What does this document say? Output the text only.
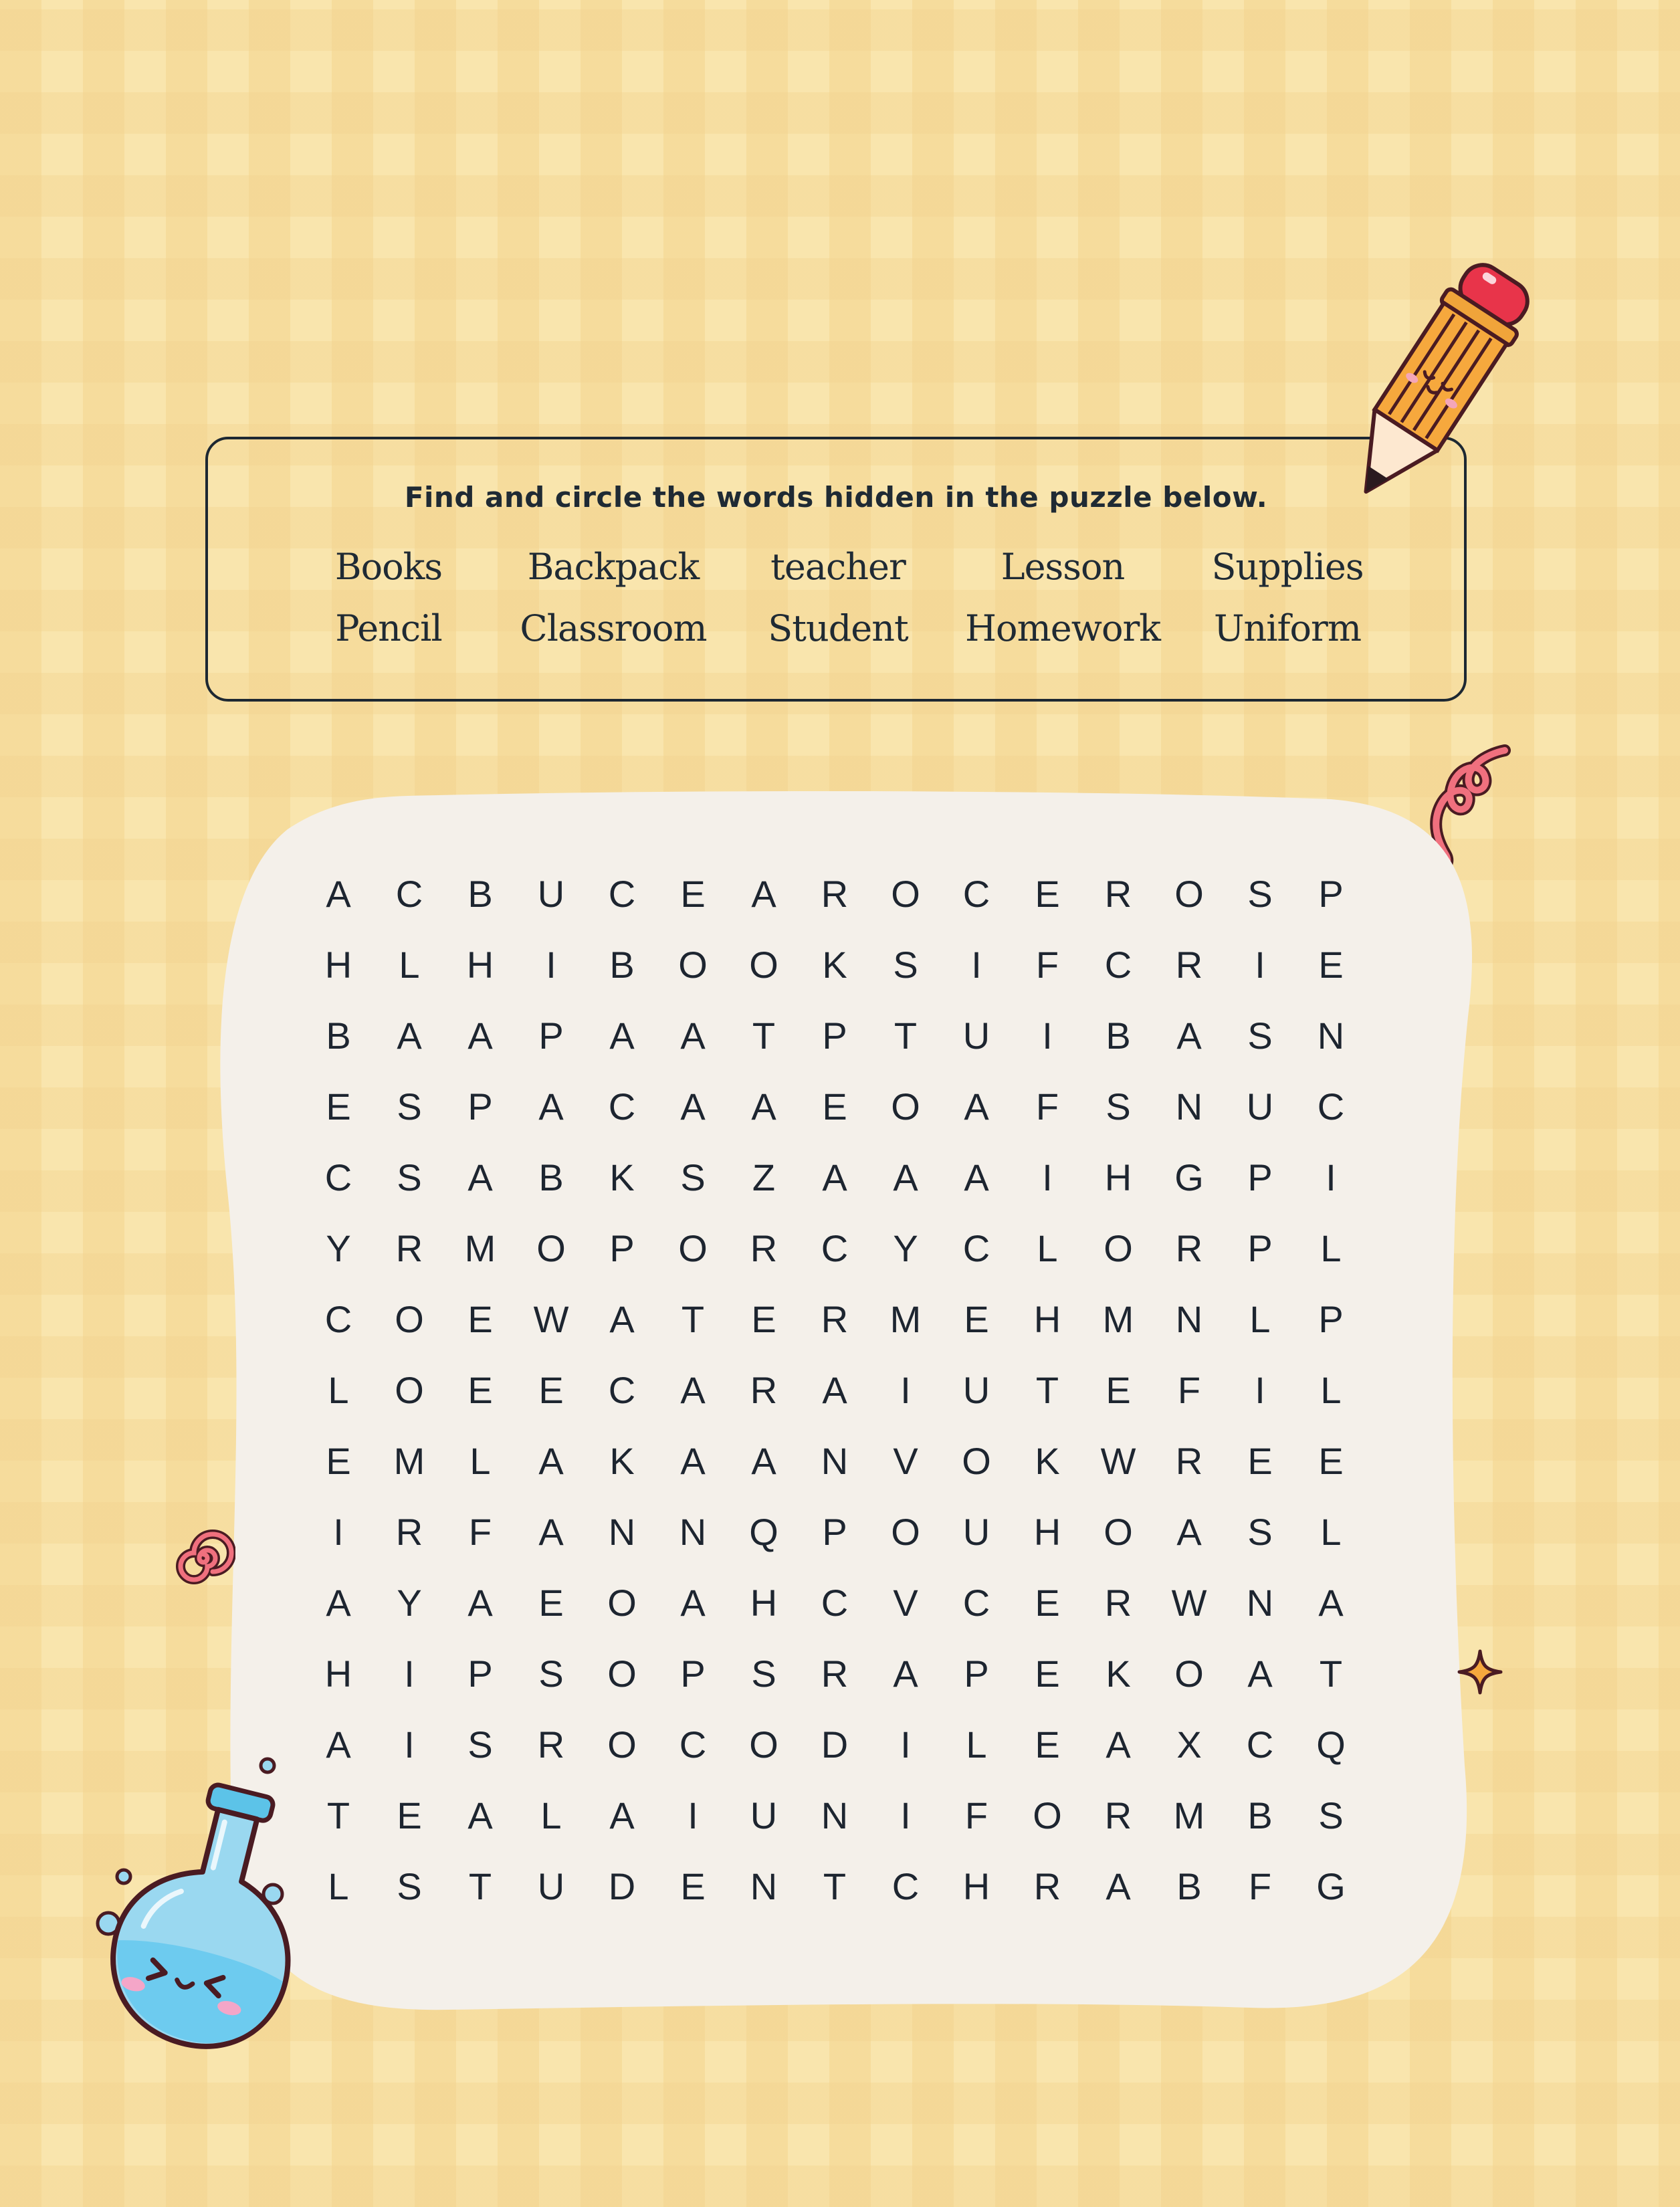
Find and circle the words hidden in the puzzle below.
Books	Backpack	teacher	Lesson	Supplies
Pencil	Classroom	Student	Homework	Uniform
A	C	B	U	C	E	A	R	O	C	E	R	O	S	P
H	L	H	I	B	O	O	K	S	I	F	C	R	I	E
B	A	A	P	A	A	T	P	T	U	I	B	A	S	N
E	S	P	A	C	A	A	E	O	A	F	S	N	U	C
C	S	A	B	K	S	Z	A	A	A	I	H	G	P	I
Y	R	M	O	P	O	R	C	Y	C	L	O	R	P	L
C	O	E	W	A	T	E	R	M	E	H	M	N	L	P
L	O	E	E	C	A	R	A	I	U	T	E	F	I	L
E	M	L	A	K	A	A	N	V	O	K	W	R	E	E
I	R	F	A	N	N	Q	P	O	U	H	O	A	S	L
A	Y	A	E	O	A	H	C	V	C	E	R	W	N	A
H	I	P	S	O	P	S	R	A	P	E	K	O	A	T
A	I	S	R	O	C	O	D	I	L	E	A	X	C	Q
T	E	A	L	A	I	U	N	I	F	O	R	M	B	S
L	S	T	U	D	E	N	T	C	H	R	A	B	F	G
